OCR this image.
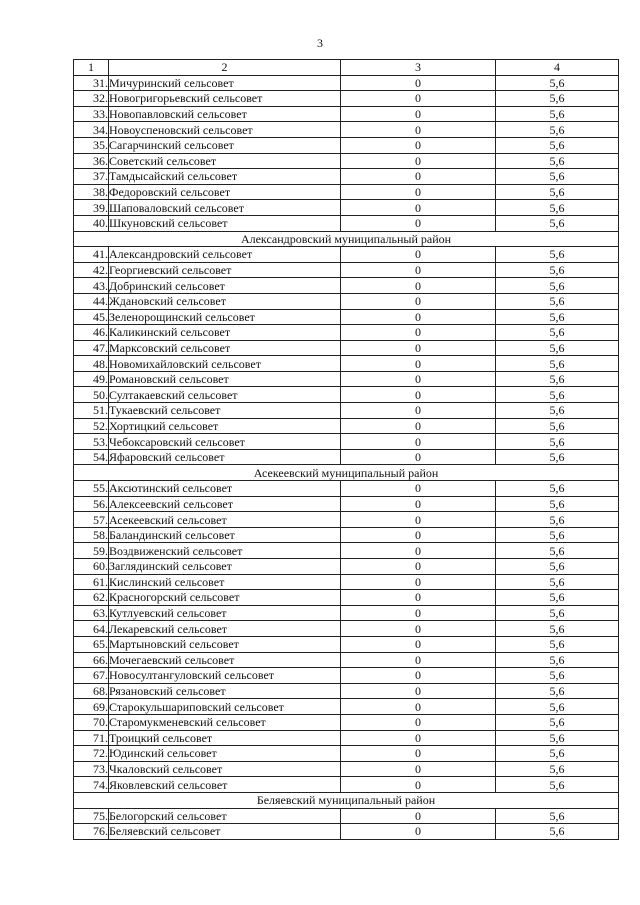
3
1	2	3	4
31.	Мичуринский сельсовет	0	5,6
32.	Новогригорьевский сельсовет	0	5,6
33.	Новопавловский сельсовет	0	5,6
34.	Новоуспеновский сельсовет	0	5,6
35.	Сагарчинский сельсовет	0	5,6
36.	Советский сельсовет	0	5,6
37.	Тамдысайский сельсовет	0	5,6
38.	Федоровский сельсовет	0	5,6
39.	Шаповаловский сельсовет	0	5,6
40.	Шкуновский сельсовет	0	5,6
Александровский муниципальный район			
41.	Александровский сельсовет	0	5,6
42.	Георгиевский сельсовет	0	5,6
43.	Добринский сельсовет	0	5,6
44.	Ждановский сельсовет	0	5,6
45.	Зеленорощинский сельсовет	0	5,6
46.	Каликинский сельсовет	0	5,6
47.	Марксовский сельсовет	0	5,6
48.	Новомихайловский сельсовет	0	5,6
49.	Романовский сельсовет	0	5,6
50.	Султакаевский сельсовет	0	5,6
51.	Тукаевский сельсовет	0	5,6
52.	Хортицкий сельсовет	0	5,6
53.	Чебоксаровский сельсовет	0	5,6
54.	Яфаровский сельсовет	0	5,6
Асекеевский муниципальный район			
55.	Аксютинский сельсовет	0	5,6
56.	Алексеевский сельсовет	0	5,6
57.	Асекеевский сельсовет	0	5,6
58.	Баландинский сельсовет	0	5,6
59.	Воздвиженский сельсовет	0	5,6
60.	Заглядинский сельсовет	0	5,6
61.	Кислинский сельсовет	0	5,6
62.	Красногорский сельсовет	0	5,6
63.	Кутлуевский сельсовет	0	5,6
64.	Лекаревский сельсовет	0	5,6
65.	Мартыновский сельсовет	0	5,6
66.	Мочегаевский сельсовет	0	5,6
67.	Новосултангуловский сельсовет	0	5,6
68.	Рязановский сельсовет	0	5,6
69.	Старокульшариповский сельсовет	0	5,6
70.	Старомукменевский сельсовет	0	5,6
71.	Троицкий сельсовет	0	5,6
72.	Юдинский сельсовет	0	5,6
73.	Чкаловский сельсовет	0	5,6
74.	Яковлевский сельсовет	0	5,6
Беляевский муниципальный район			
75.	Белогорский сельсовет	0	5,6
76.	Беляевский сельсовет	0	5,6
